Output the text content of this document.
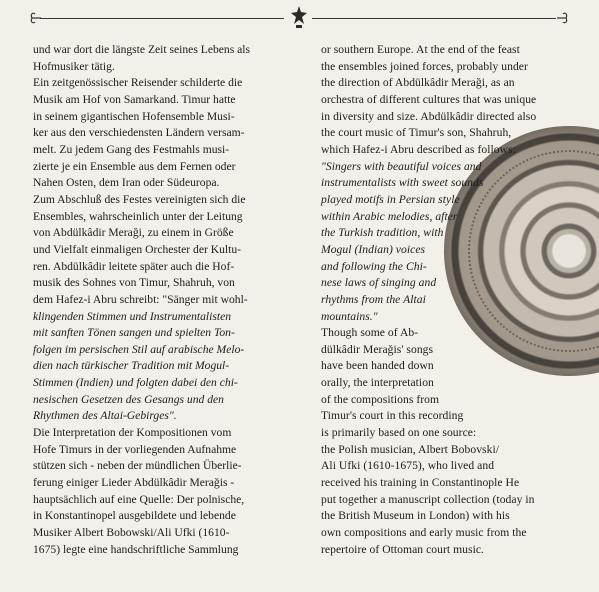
und war dort die längste Zeit seines Lebens als
Hofmusiker tätig.
Ein zeitgenössischer Reisender schilderte die
Musik am Hof von Samarkand. Timur hatte
in seinem gigantischen Hofensemble Musi-
ker aus den verschiedensten Ländern versam-
melt. Zu jedem Gang des Festmahls musi-
zierte je ein Ensemble aus dem Fernen oder
Nahen Osten, dem Iran oder Südeuropa.
Zum Abschluß des Festes vereinigten sich die
Ensembles, wahrscheinlich unter der Leitung
von Abdülkâdir Meraği, zu einem in Größe
und Vielfalt einmaligen Orchester der Kultu-
ren. Abdülkâdir leitete später auch die Hof-
musik des Sohnes von Timur, Shahruh, von
dem Hafez-i Abru schreibt: "Sänger mit wohl-
klingenden Stimmen und Instrumentalisten
mit sanften Tönen sangen und spielten Ton-
folgen im persischen Stil auf arabische Melo-
dien nach türkischer Tradition mit Mogul-
Stimmen (Indien) und folgten dabei den chi-
nesischen Gesetzen des Gesangs und den
Rhythmen des Altai-Gebirges".
Die Interpretation der Kompositionen vom
Hofe Timurs in der vorliegenden Aufnahme
stützen sich - neben der mündlichen Überlie-
ferung einiger Lieder Abdülkâdir Meraǧis -
hauptsächlich auf eine Quelle: Der polnische,
in Konstantinopel ausgebildete und lebende
Musiker Albert Bobowski/Ali Ufki (1610-
1675) legte eine handschriftliche Sammlung
or southern Europe. At the end of the feast
the ensembles joined forces, probably under
the direction of Abdülkâdir Meraği, as an
orchestra of different cultures that was unique
in diversity and size. Abdülkâdir directed also
the court music of Timur's son, Shahruh,
which Hafez-i Abru described as follows:
"Singers with beautiful voices and
instrumentalists with sweet sounds
played motifs in Persian style
within Arabic melodies, after
the Turkish tradition, with
Mogul (Indian) voices
and following the Chi-
nese laws of singing and
rhythms from the Altai
mountains."
Though some of Ab-
dülkâdir Meraǧis' songs
have been handed down
orally, the interpretation
of the compositions from
Timur's court in this recording
is primarily based on one source:
the Polish musician, Albert Bobovski/
Ali Ufki (1610-1675), who lived and
received his training in Constantinople He
put together a manuscript collection (today in
the British Museum in London) with his
own compositions and early music from the
repertoire of Ottoman court music.
